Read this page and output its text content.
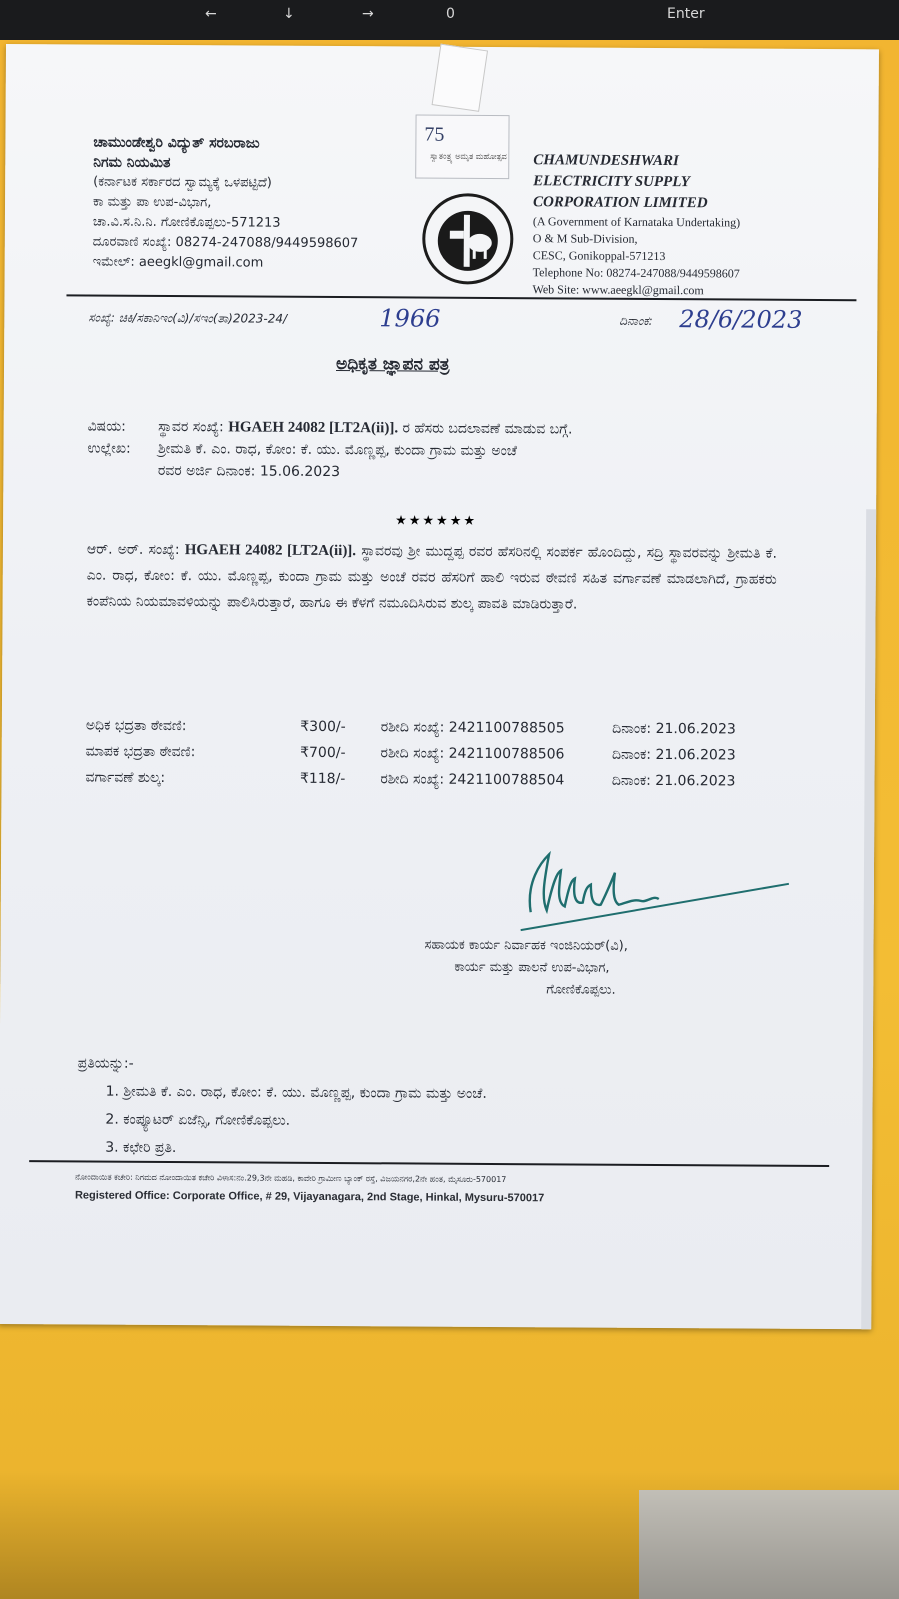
←	↓	→	0	Enter
ಚಾಮುಂಡೇಶ್ವರಿ ವಿದ್ಯುತ್ ಸರಬರಾಜು
ನಿಗಮ ನಿಯಮಿತ
(ಕರ್ನಾಟಕ ಸರ್ಕಾರದ ಸ್ವಾಮ್ಯಕ್ಕೆ ಒಳಪಟ್ಟಿದೆ)
ಕಾ ಮತ್ತು ಪಾ ಉಪ-ವಿಭಾಗ,
ಚಾ.ವಿ.ಸ.ನಿ.ನಿ. ಗೋಣಿಕೊಪ್ಪಲು-571213
ದೂರವಾಣಿ ಸಂಖ್ಯೆ: 08274-247088/9449598607
ಇಮೇಲ್: aeegkl@gmail.com
75
ಸ್ವಾತಂತ್ರ್ಯ ಅಮೃತ ಮಹೋತ್ಸವ CHAMUNDESHWARI
ELECTRICITY SUPPLY
CORPORATION LIMITED
(A Government of Karnataka Undertaking)
O & M Sub-Division,
CESC, Gonikoppal-571213
Telephone No: 08274-247088/9449598607
Web Site: www.aeegkl@gmail.com
ಸಂಖ್ಯೆ: ಚಿಕಿ/ಸಕಾನಿಇಂ(ವಿ)/ಸಇಂ(ತಾ)2023-24/	1966	ದಿನಾಂಕ: 28/6/2023
ಅಧಿಕೃತ ಜ್ಞಾಪನ ಪತ್ರ
ವಿಷಯ: ಸ್ಥಾವರ ಸಂಖ್ಯೆ: HGAEH 24082 [LT2A(ii)]. ರ ಹೆಸರು ಬದಲಾವಣೆ ಮಾಡುವ ಬಗ್ಗೆ.
ಉಲ್ಲೇಖ: ಶ್ರೀಮತಿ ಕೆ. ಎಂ. ರಾಧ, ಕೋಂ: ಕೆ. ಯು. ಮೊಣ್ಣಪ್ಪ, ಕುಂದಾ ಗ್ರಾಮ ಮತ್ತು ಅಂಚೆ
ರವರ ಅರ್ಜಿ ದಿನಾಂಕ: 15.06.2023
★★★★★★
ಆರ್. ಅರ್. ಸಂಖ್ಯೆ: HGAEH 24082 [LT2A(ii)]. ಸ್ಥಾವರವು ಶ್ರೀ ಮುದ್ದಪ್ಪ ರವರ ಹೆಸರಿನಲ್ಲಿ ಸಂಪರ್ಕ ಹೊಂದಿದ್ದು, ಸದ್ರಿ ಸ್ಥಾವರವನ್ನು ಶ್ರೀಮತಿ ಕೆ. ಎಂ. ರಾಧ, ಕೋಂ: ಕೆ. ಯು. ಮೊಣ್ಣಪ್ಪ, ಕುಂದಾ ಗ್ರಾಮ ಮತ್ತು ಅಂಚೆ ರವರ ಹೆಸರಿಗೆ ಹಾಲಿ ಇರುವ ಠೇವಣಿ ಸಹಿತ ವರ್ಗಾವಣೆ ಮಾಡಲಾಗಿದೆ, ಗ್ರಾಹಕರು ಕಂಪೆನಿಯ ನಿಯಮಾವಳಿಯನ್ನು ಪಾಲಿಸಿರುತ್ತಾರೆ, ಹಾಗೂ ಈ ಕೆಳಗೆ ನಮೂದಿಸಿರುವ ಶುಲ್ಕ ಪಾವತಿ ಮಾಡಿರುತ್ತಾರೆ.
ಅಧಿಕ ಭದ್ರತಾ ಠೇವಣಿ:	₹300/- ರಶೀದಿ ಸಂಖ್ಯೆ: 2421100788505	ದಿನಾಂಕ: 21.06.2023
ಮಾಪಕ ಭದ್ರತಾ ಠೇವಣಿ:	₹700/- ರಶೀದಿ ಸಂಖ್ಯೆ: 2421100788506	ದಿನಾಂಕ: 21.06.2023
ವರ್ಗಾವಣೆ ಶುಲ್ಕ:	₹118/- ರಶೀದಿ ಸಂಖ್ಯೆ: 2421100788504	ದಿನಾಂಕ: 21.06.2023
ಸಹಾಯಕ ಕಾರ್ಯ ನಿರ್ವಾಹಕ ಇಂಜಿನಿಯರ್(ವಿ),
ಕಾರ್ಯ ಮತ್ತು ಪಾಲನೆ ಉಪ-ವಿಭಾಗ,
ಗೋಣಿಕೊಪ್ಪಲು.
ಪ್ರತಿಯನ್ನು:-
1. ಶ್ರೀಮತಿ ಕೆ. ಎಂ. ರಾಧ, ಕೋಂ: ಕೆ. ಯು. ಮೊಣ್ಣಪ್ಪ, ಕುಂದಾ ಗ್ರಾಮ ಮತ್ತು ಅಂಚೆ.
2. ಕಂಪ್ಯೂಟರ್ ಏಜೆನ್ಸಿ, ಗೋಣಿಕೊಪ್ಪಲು.
3. ಕಛೇರಿ ಪ್ರತಿ.
ನೋಂದಾಯಿತ ಕಚೇರಿ: ನಿಗಮದ ನೋಂದಾಯಿತ ಕಚೇರಿ ವಿಳಾಸ:ನಂ.29,3ನೇ ಮಹಡಿ, ಕಾವೇರಿ ಗ್ರಾಮೀಣ ಬ್ಯಾಂಕ್ ರಸ್ತೆ, ವಿಜಯನಗರ,2ನೇ ಹಂತ, ಮೈಸೂರು-570017
Registered Office: Corporate Office, # 29, Vijayanagara, 2nd Stage, Hinkal, Mysuru-570017
